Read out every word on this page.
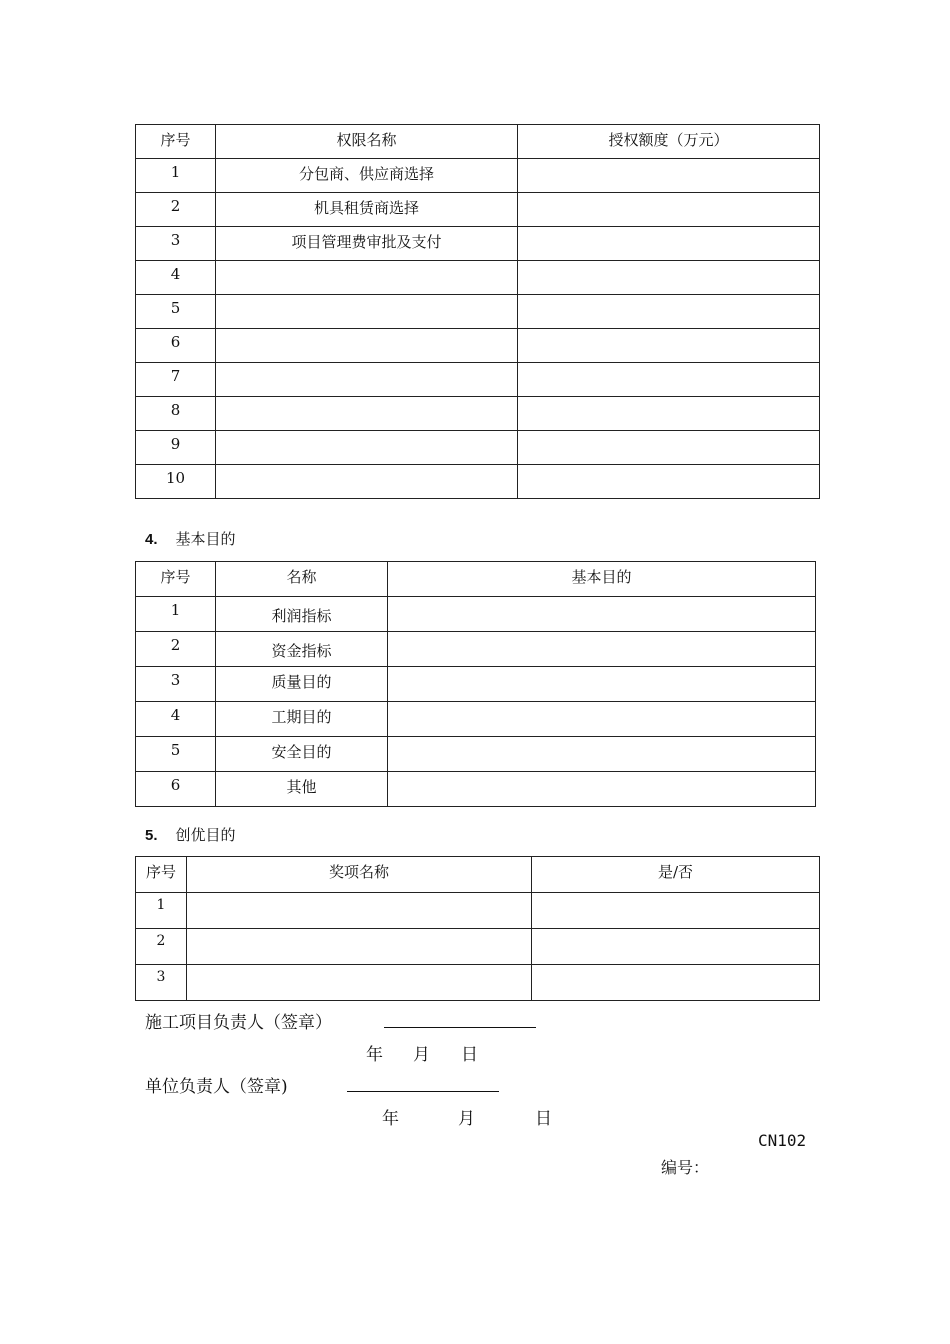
序号	权限名称	授权额度（万元）
1	分包商、供应商选择	
2	机具租赁商选择	
3	项目管理费审批及支付	
4		
5		
6		
7		
8		
9		
10		
4. 基本目的
序号	名称	基本目的
1	利润指标	
2	资金指标	
3	质量目的	
4	工期目的	
5	安全目的	
6	其他	
5. 创优目的
序号	奖项名称	是/否
1		
2		
3		
施工项目负责人（签章）
年 月 日
单位负责人（签章)
年	月	日
CN102
编号：
